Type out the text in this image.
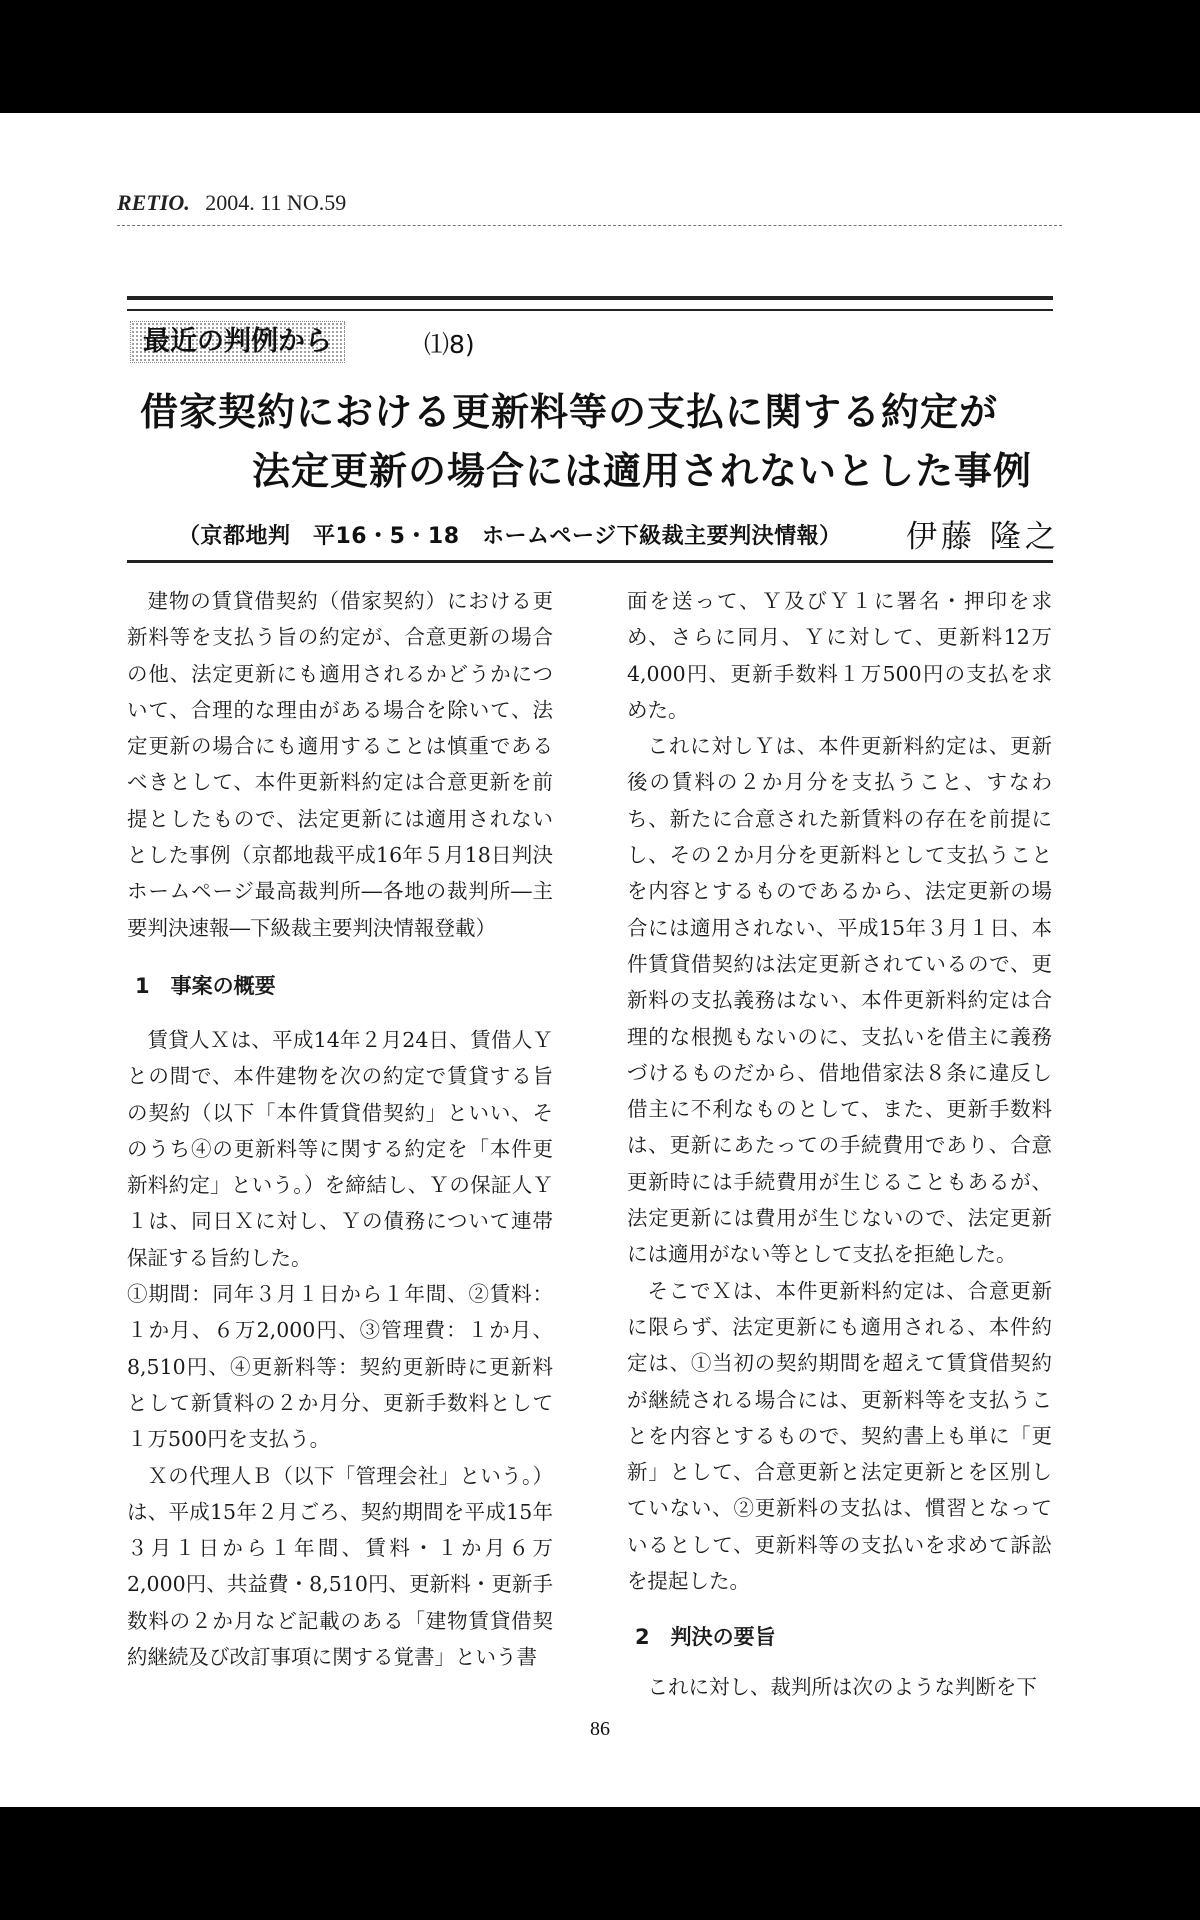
RETIO. 2004. 11 NO.59
最近の判例から	⑴8)
借家契約における更新料等の支払に関する約定が
法定更新の場合には適用されないとした事例
（京都地判　平16・5・18　ホームページ下級裁主要判決情報） 伊藤 隆之

建物の賃貸借契約（借家契約）における更新料等を支払う旨の約定が、合意更新の場合の他、法定更新にも適用されるかどうかについて、合理的な理由がある場合を除いて、法定更新の場合にも適用することは慎重であるべきとして、本件更新料約定は合意更新を前提としたもので、法定更新には適用されないとした事例（京都地裁平成16年５月18日判決ホームページ最高裁判所―各地の裁判所―主要判決速報―下級裁主要判決情報登載）

1　事案の概要

賃貸人Ｘは、平成14年２月24日、賃借人Ｙとの間で、本件建物を次の約定で賃貸する旨の契約（以下「本件賃貸借契約」といい、そのうち④の更新料等に関する約定を「本件更新料約定」という。）を締結し、Ｙの保証人Ｙ１は、同日Ｘに対し、Ｙの債務について連帯保証する旨約した。

①期間：同年３月１日から１年間、②賃料：１か月、６万2,000円、③管理費：１か月、8,510円、④更新料等：契約更新時に更新料として新賃料の２か月分、更新手数料として１万500円を支払う。

Ｘの代理人Ｂ（以下「管理会社」という。）は、平成15年２月ごろ、契約期間を平成15年３月１日から１年間、賃料・１か月６万2,000円、共益費・8,510円、更新料・更新手数料の２か月など記載のある「建物賃貸借契約継続及び改訂事項に関する覚書」という書

面を送って、Ｙ及びＹ１に署名・押印を求め、さらに同月、Ｙに対して、更新料12万4,000円、更新手数料１万500円の支払を求めた。

これに対しＹは、本件更新料約定は、更新後の賃料の２か月分を支払うこと、すなわち、新たに合意された新賃料の存在を前提にし、その２か月分を更新料として支払うことを内容とするものであるから、法定更新の場合には適用されない、平成15年３月１日、本件賃貸借契約は法定更新されているので、更新料の支払義務はない、本件更新料約定は合理的な根拠もないのに、支払いを借主に義務づけるものだから、借地借家法８条に違反し借主に不利なものとして、また、更新手数料は、更新にあたっての手続費用であり、合意更新時には手続費用が生じることもあるが、法定更新には費用が生じないので、法定更新には適用がない等として支払を拒絶した。

そこでＸは、本件更新料約定は、合意更新に限らず、法定更新にも適用される、本件約定は、①当初の契約期間を超えて賃貸借契約が継続される場合には、更新料等を支払うことを内容とするもので、契約書上も単に「更新」として、合意更新と法定更新とを区別していない、②更新料の支払は、慣習となっているとして、更新料等の支払いを求めて訴訟を提起した。

2　判決の要旨

これに対し、裁判所は次のような判断を下

86
